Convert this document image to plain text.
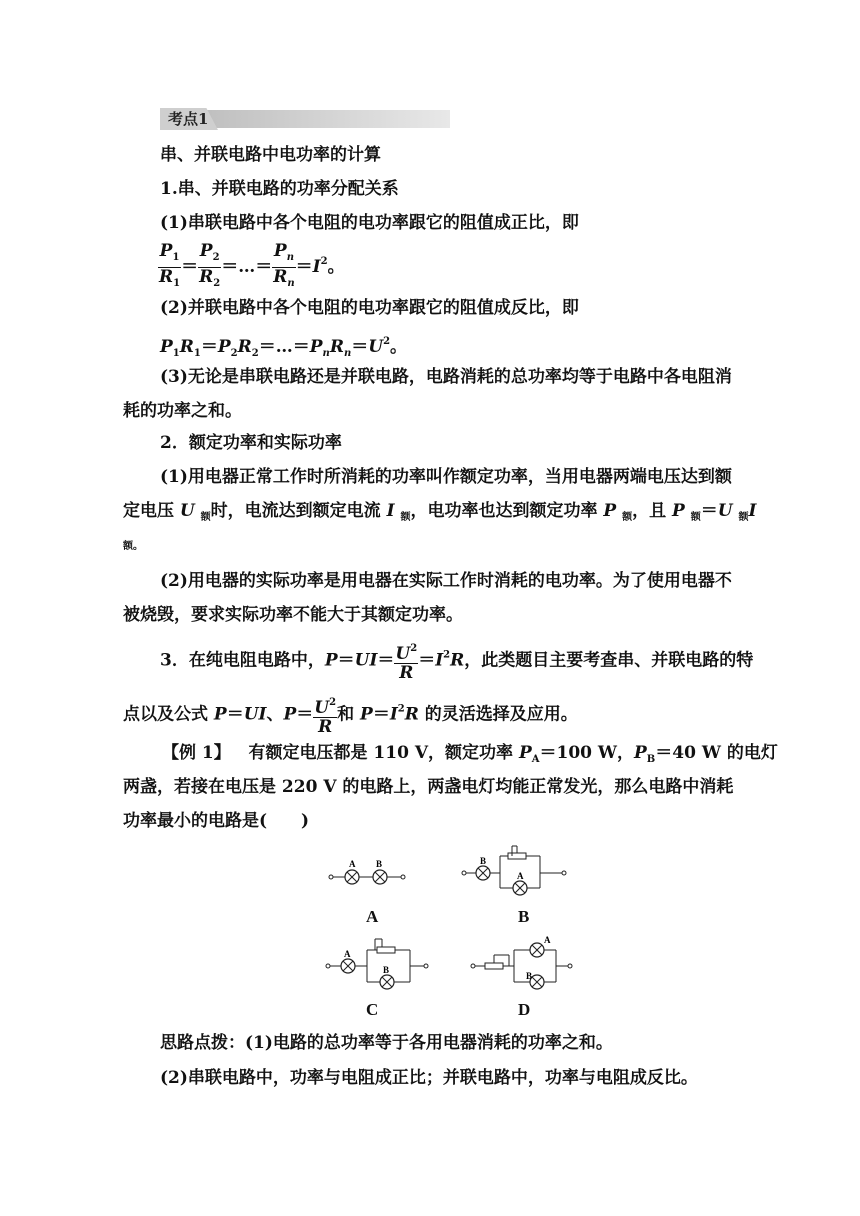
考点1
串、并联电路中电功率的计算
1.串、并联电路的功率分配关系
(1)串联电路中各个电阻的电功率跟它的阻值成正比，即
$\frac{P_1}{R_1} = \frac{P_2}{R_2}$ ＝…＝ $\frac{P_n}{R_n} =I^2$。
(2)并联电路中各个电阻的电功率跟它的阻值成反比，即
$P_1R_1=P_2R_2=\dots=P_nR_n=U^2$。
(3)无论是串联电路还是并联电路，电路消耗的总功率均等于电路中各电阻消
耗的功率之和。
2．额定功率和实际功率
(1)用电器正常工作时所消耗的功率叫作额定功率，当用电器两端电压达到额
定电压 U $_额$时，电流达到额定电流 I $_额$，电功率也达到额定功率 P $_额$，且 P $_额$＝U $_额$I
额。
(2)用电器的实际功率是用电器在实际工作时消耗的电功率。为了使用电器不
被烧毁，要求实际功率不能大于其额定功率。
3．在纯电阻电路中，$P=UI= \frac{U^2}{R} =I^2R$，此类题目主要考查串、并联电路的特
点以及公式 P＝UI、$P= \frac{U^2}{R}$ 和 $P=I^2R$ 的灵活选择及应用。
【例 1】   有额定电压都是 110 V，额定功率 $P_A=100$ W，$P_B=40$ W 的电灯
两盏，若接在电压是 220 V 的电路上，两盏电灯均能正常发光，那么电路中消耗
功率最小的电路是(　　)
A B	B
A
A
B
A
B
A	B
C	D
思路点拨：(1)电路的总功率等于各用电器消耗的功率之和。
(2)串联电路中，功率与电阻成正比；并联电路中，功率与电阻成反比。
